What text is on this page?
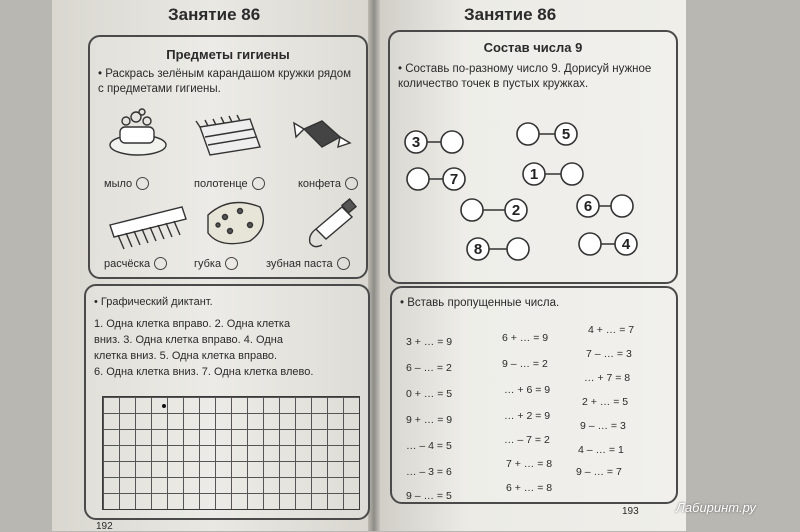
Занятие 86
Предметы гигиены
• Раскрась зелёным карандашом кружки рядом с предметами гигиены.
мыло	полотенце	конфета
расчёска	губка	зубная паста
• Графический диктант.
1. Одна клетка вправо. 2. Одна клетка
вниз. 3. Одна клетка вправо. 4. Одна
клетка вниз. 5. Одна клетка вправо.
6. Одна клетка вниз. 7. Одна клетка влево.
192
Занятие 86
Состав числа 9
• Составь по-разному число 9. Дорисуй нужное количество точек в пустых кружках.
3	5
7	1
2	6
8	4
• Вставь пропущенные числа.
3 + … = 9
6 – … = 2
0 + … = 5
9 + … = 9
… – 4 = 5
… – 3 = 6
9 – … = 5
6 + … = 9
9 – … = 2
… + 6 = 9
… + 2 = 9
… – 7 = 2
7 + … = 8
6 + … = 8
4 + … = 7
7 – … = 3
… + 7 = 8
2 + … = 5
9 – … = 3
4 – … = 1
9 – … = 7
193	Лабиринт.ру
